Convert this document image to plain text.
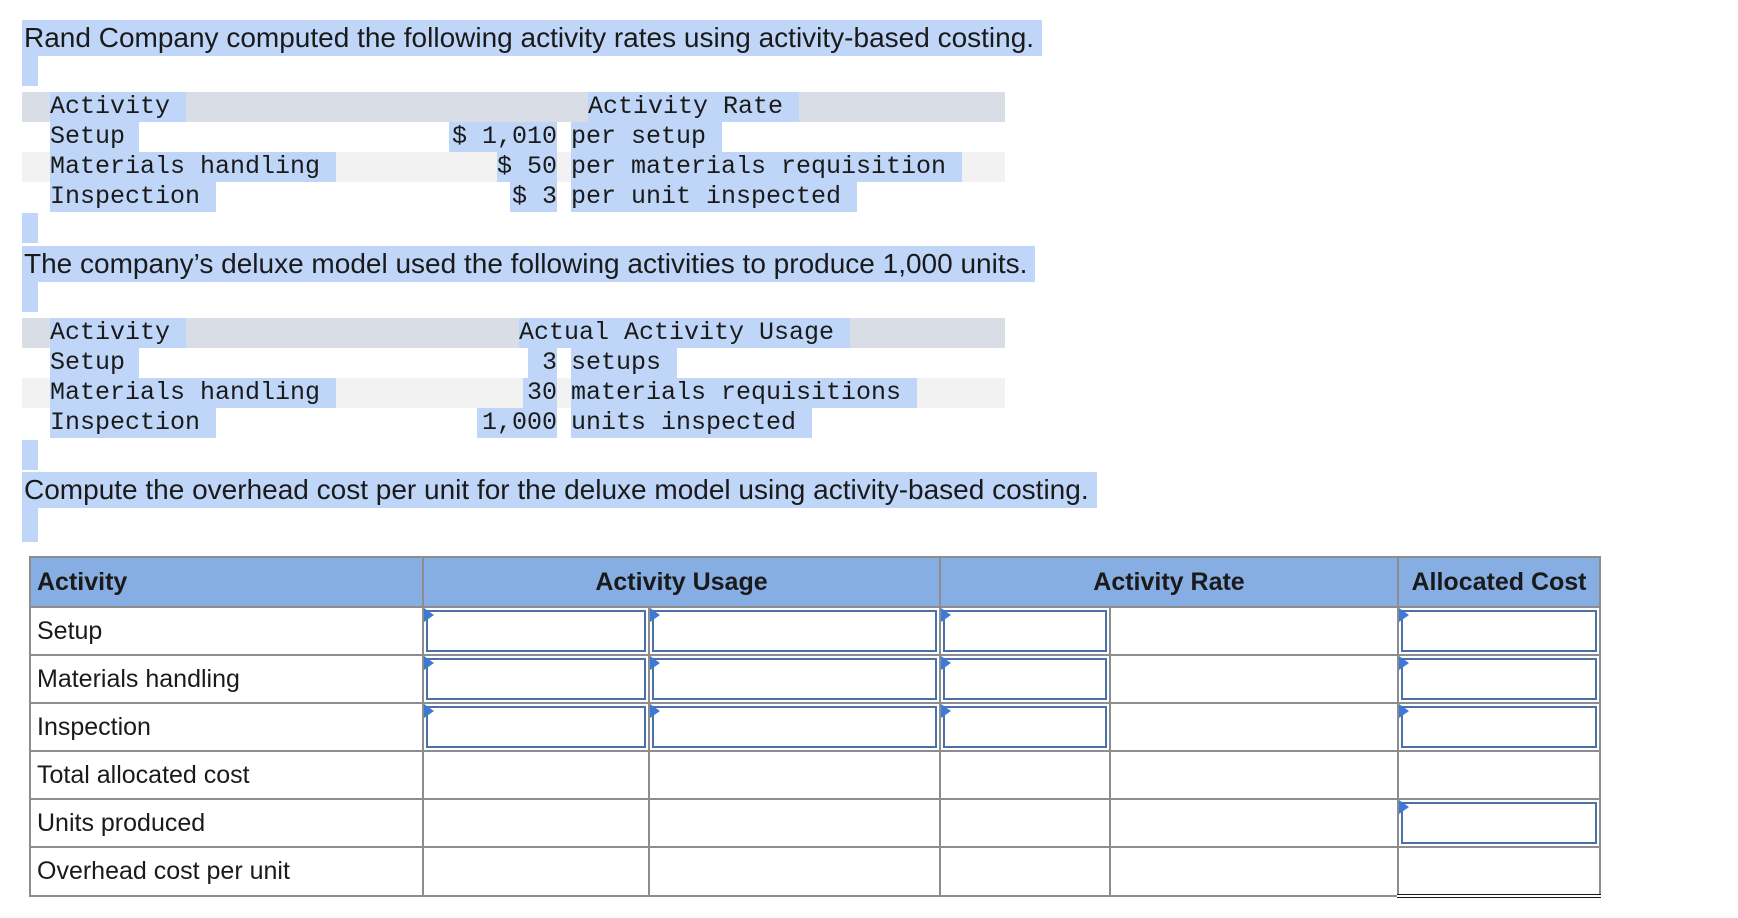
Rand Company computed the following activity rates using activity-based costing.
Activity	Activity Rate
Setup	$ 1,010 per setup
Materials handling	$ 50 per materials requisition
Inspection	$ 3 per unit inspected
The company’s deluxe model used the following activities to produce 1,000 units.
Activity	Actual Activity Usage
Setup	3 setups
Materials handling	30 materials requisitions
Inspection	1,000 units inspected
Compute the overhead cost per unit for the deluxe model using activity-based costing.
Activity	Activity Usage		Activity Rate		Allocated Cost
Setup	

Materials handling	

Inspection	

Total allocated cost					
Units produced					

Overhead cost per unit					
